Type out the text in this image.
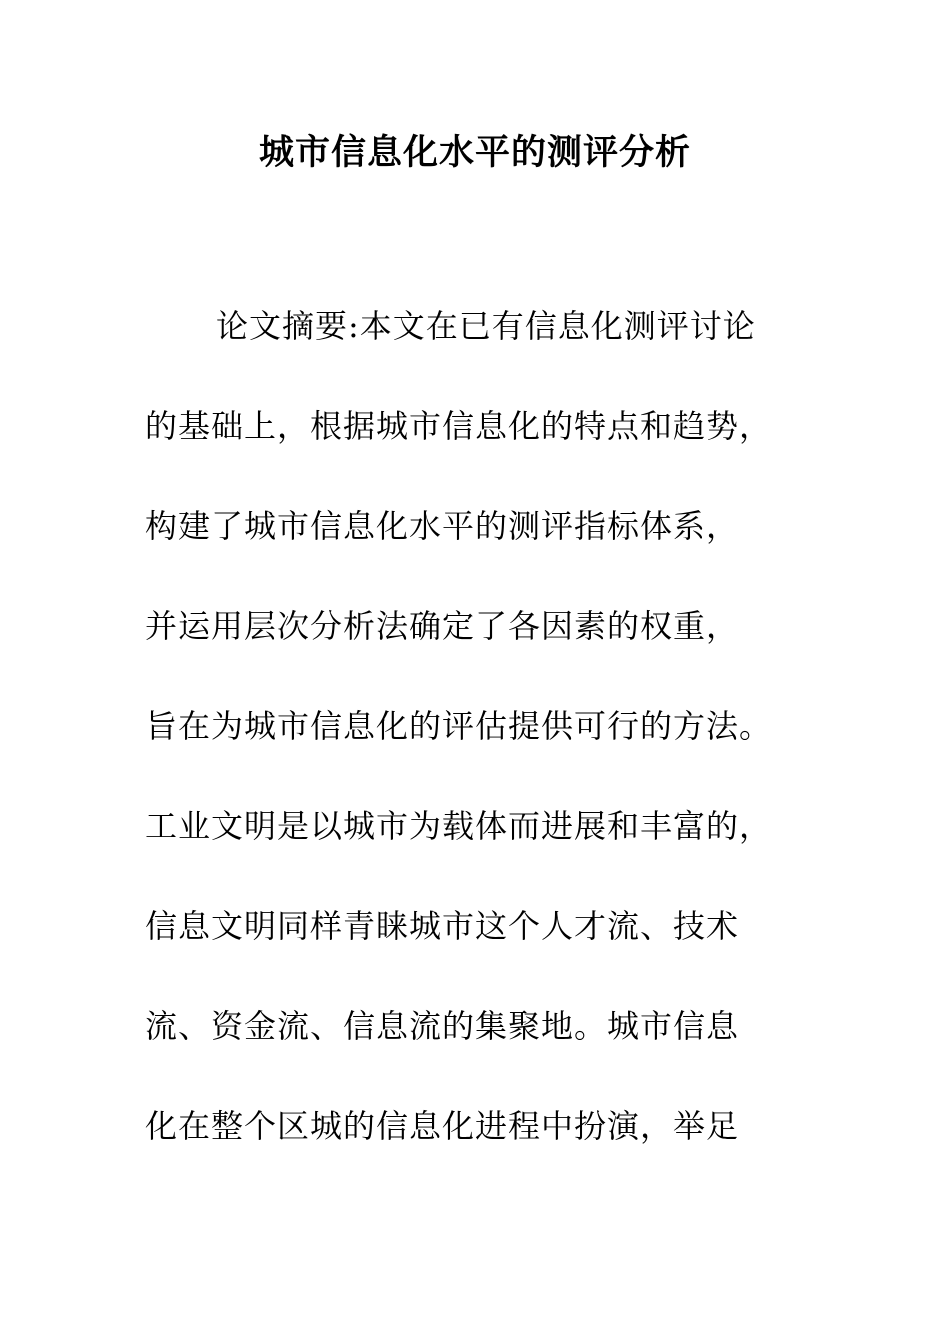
城市信息化水平的测评分析
论文摘要:本文在已有信息化测评讨论
的基础上，根据城市信息化的特点和趋势，
构建了城市信息化水平的测评指标体系，
并运用层次分析法确定了各因素的权重，
旨在为城市信息化的评估提供可行的方法。
工业文明是以城市为载体而进展和丰富的，
信息文明同样青睐城市这个人才流、技术
流、资金流、信息流的集聚地。城市信息
化在整个区城的信息化进程中扮演，举足
